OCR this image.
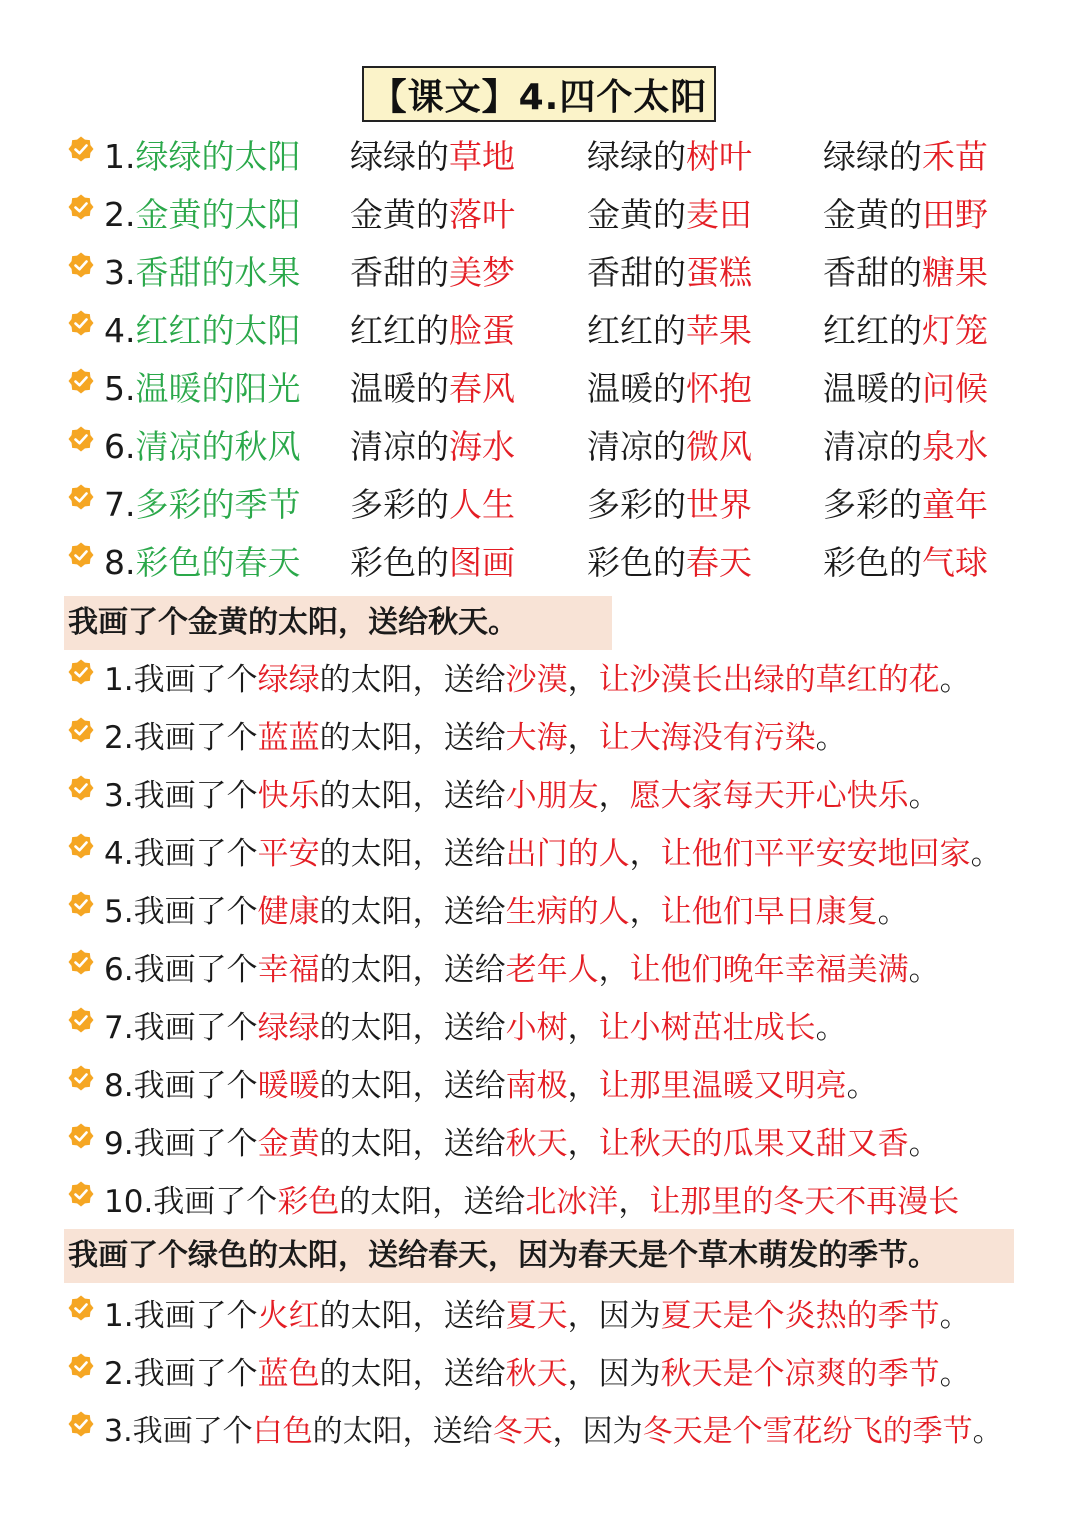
【课文】4.四个太阳
1.绿绿的太阳 绿绿的草地 绿绿的树叶 绿绿的禾苗
2.金黄的太阳 金黄的落叶 金黄的麦田 金黄的田野
3.香甜的水果 香甜的美梦 香甜的蛋糕 香甜的糖果
4.红红的太阳 红红的脸蛋 红红的苹果 红红的灯笼
5.温暖的阳光 温暖的春风 温暖的怀抱 温暖的问候
6.清凉的秋风 清凉的海水 清凉的微风 清凉的泉水
7.多彩的季节 多彩的人生 多彩的世界 多彩的童年
8.彩色的春天 彩色的图画 彩色的春天 彩色的气球
我画了个金黄的太阳，送给秋天。
1.我画了个绿绿的太阳，送给沙漠，让沙漠长出绿的草红的花。
2.我画了个蓝蓝的太阳，送给大海，让大海没有污染。
3.我画了个快乐的太阳，送给小朋友，愿大家每天开心快乐。
4.我画了个平安的太阳，送给出门的人，让他们平平安安地回家。
5.我画了个健康的太阳，送给生病的人，让他们早日康复。
6.我画了个幸福的太阳，送给老年人，让他们晚年幸福美满。
7.我画了个绿绿的太阳，送给小树，让小树茁壮成长。
8.我画了个暖暖的太阳，送给南极，让那里温暖又明亮。
9.我画了个金黄的太阳，送给秋天，让秋天的瓜果又甜又香。
10.我画了个彩色的太阳，送给北冰洋，让那里的冬天不再漫长
我画了个绿色的太阳，送给春天，因为春天是个草木萌发的季节。
1.我画了个火红的太阳，送给夏天，因为夏天是个炎热的季节。
2.我画了个蓝色的太阳，送给秋天，因为秋天是个凉爽的季节。
3.我画了个白色的太阳，送给冬天，因为冬天是个雪花纷飞的季节。
